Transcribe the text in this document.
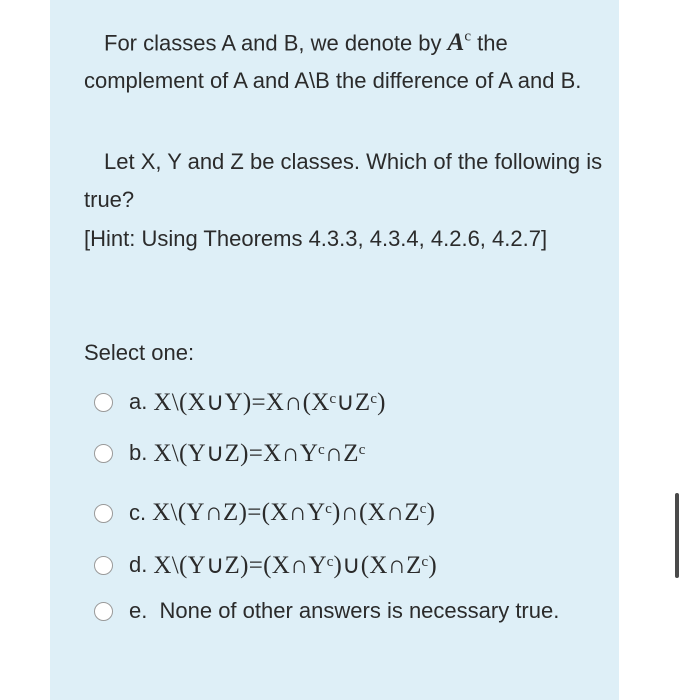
For classes A and B, we denote by $A^c$ the complement of A and A\B the difference of A and B.

Let X, Y and Z be classes. Which of the following is true?

[Hint: Using Theorems 4.3.3, 4.3.4, 4.2.6, 4.2.7]

Select one:
a. X\(X∪Y)=X∩(Xᶜ∪Zᶜ)
b. X\(Y∪Z)=X∩Yᶜ∩Zᶜ
c. X\(Y∩Z)=(X∩Yᶜ)∩(X∩Zᶜ)
d. X\(Y∪Z)=(X∩Yᶜ)∪(X∩Zᶜ)
e. None of other answers is necessary true.
